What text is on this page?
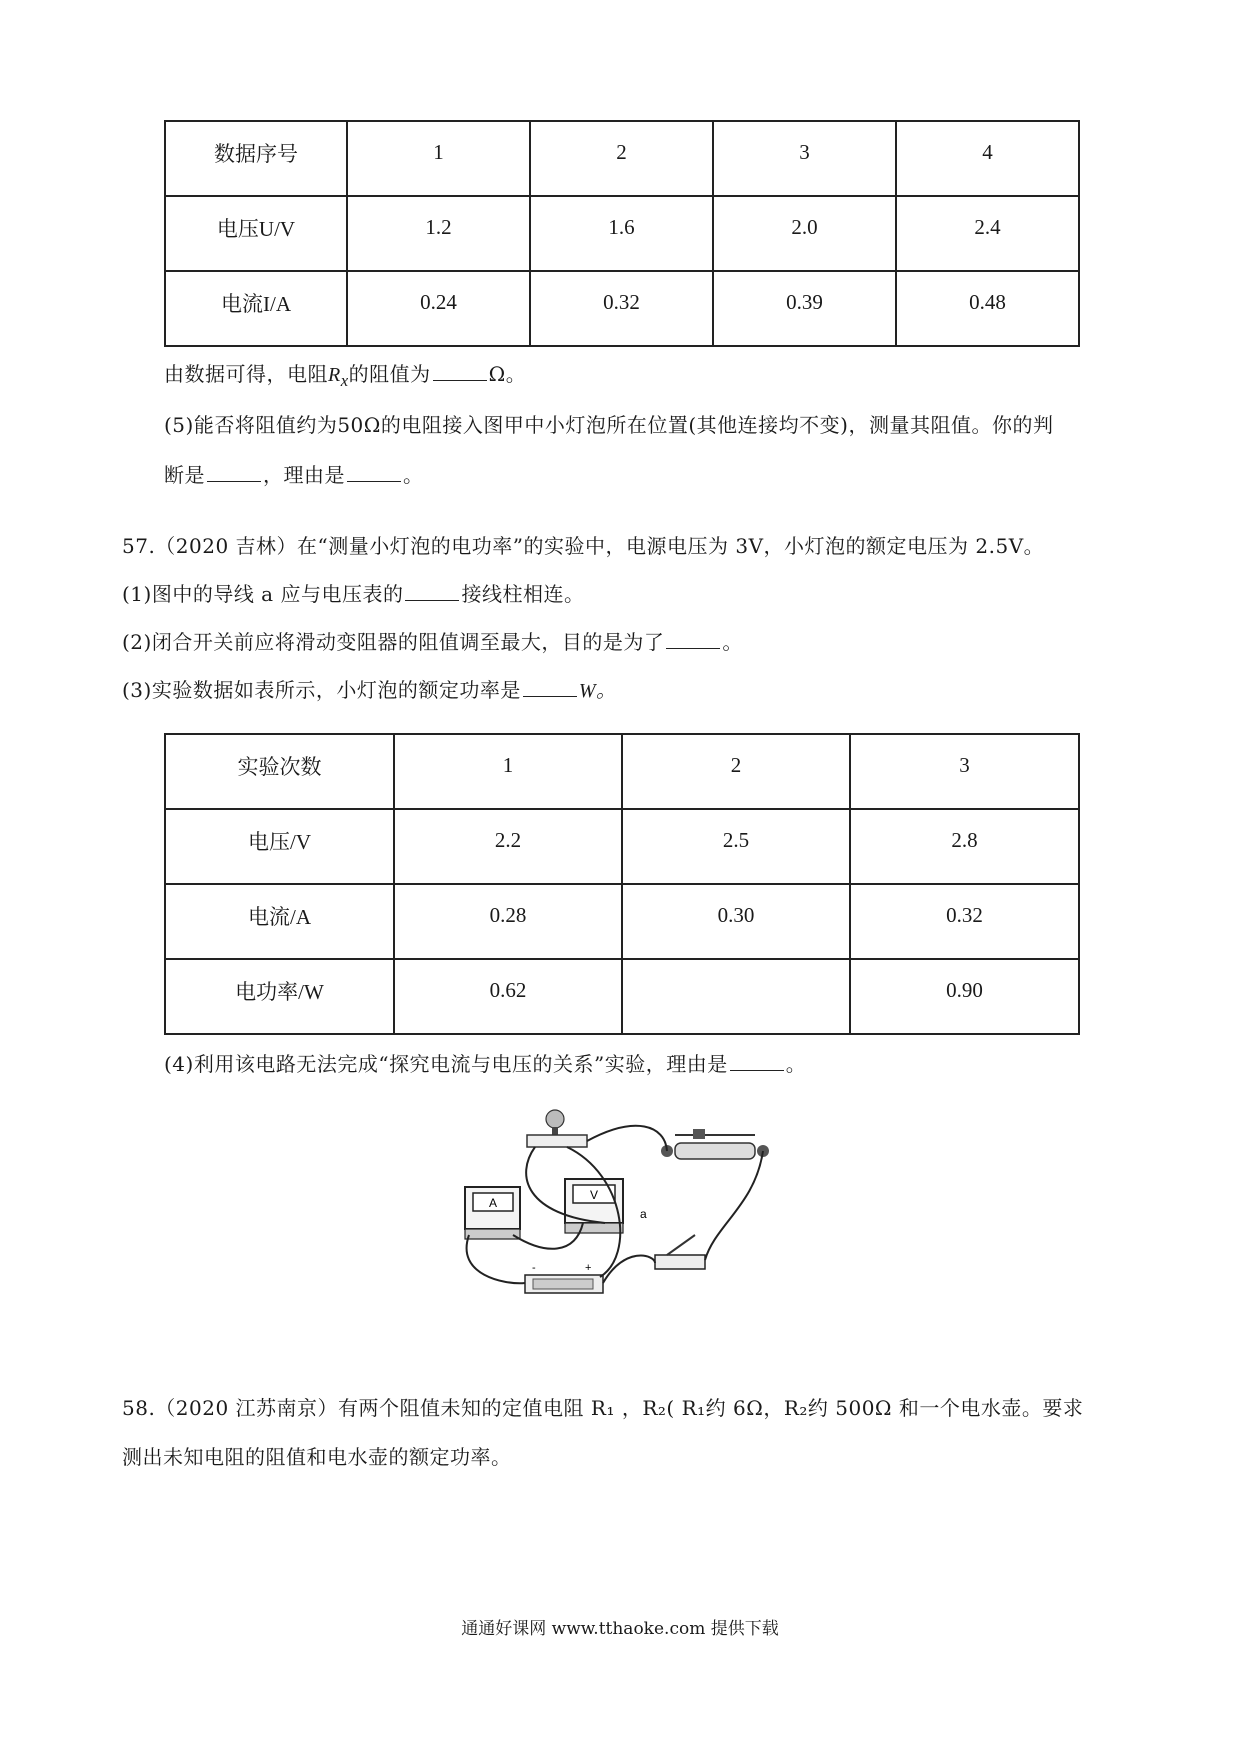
数据序号	1	2	3	4
电压U/V	1.2	1.6	2.0	2.4
电流I/A	0.24	0.32	0.39	0.48
由数据可得，电阻$R_x$的阻值为	Ω。
(5)能否将阻值约为50Ω的电阻接入图甲中小灯泡所在位置(其他连接均不变)，测量其阻值。你的判
断是	，理由是	。
57.（2020 吉林）在“测量小灯泡的电功率”的实验中，电源电压为 3V，小灯泡的额定电压为 2.5V。
(1)图中的导线 a 应与电压表的	接线柱相连。
(2)闭合开关前应将滑动变阻器的阻值调至最大，目的是为了	。
(3)实验数据如表所示，小灯泡的额定功率是	W。
实验次数	1	2	3
电压/V	2.2	2.5	2.8
电流/A	0.28	0.30	0.32
电功率/W	0.62		0.90
(4)利用该电路无法完成“探究电流与电压的关系”实验，理由是	。
A
V
-	+
a
58.（2020 江苏南京）有两个阻值未知的定值电阻 R₁ ，R₂( R₁约 6Ω，R₂约 500Ω 和一个电水壶。要求
测出未知电阻的阻值和电水壶的额定功率。
通通好课网 www.tthaoke.com 提供下载
